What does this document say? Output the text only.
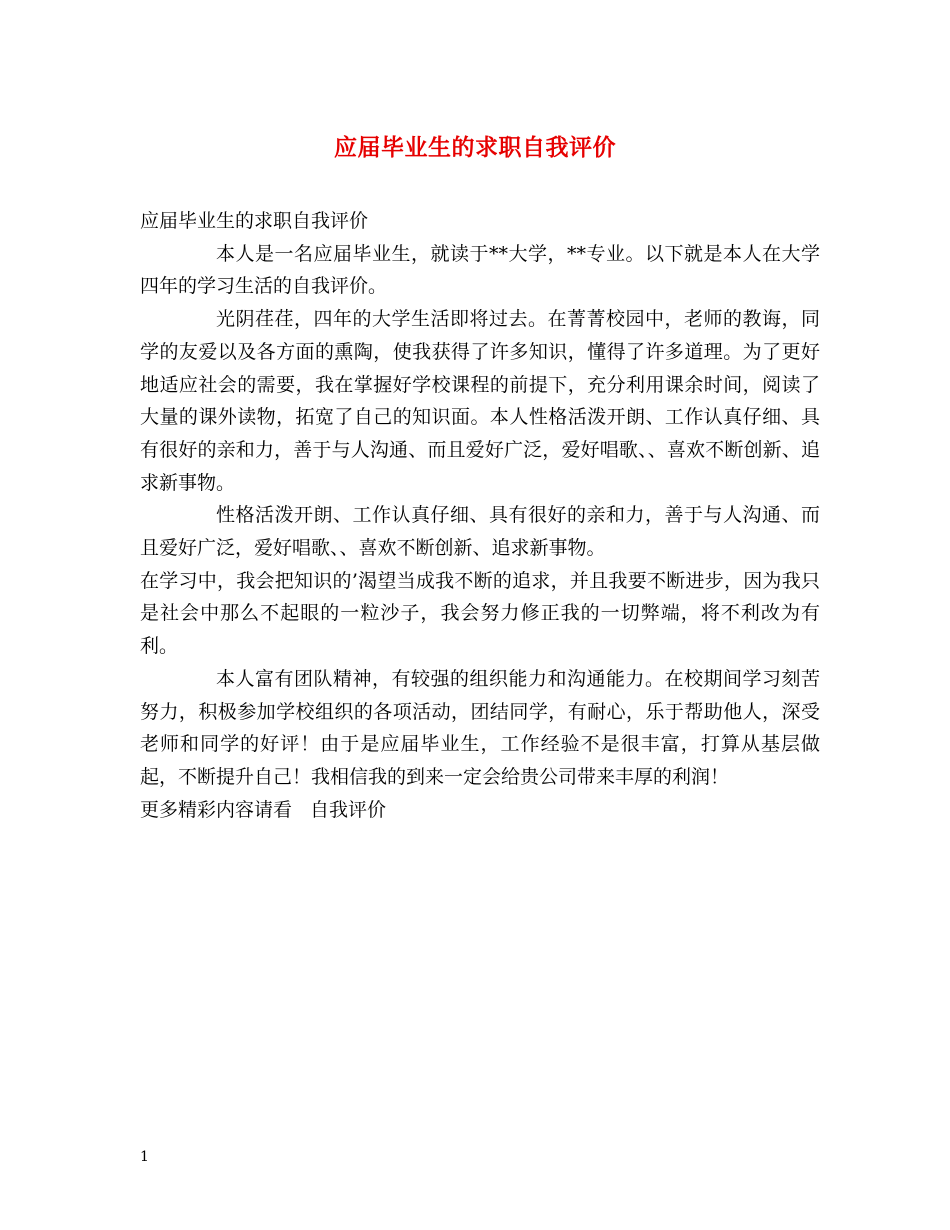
应届毕业生的求职自我评价

应届毕业生的求职自我评价

本人是一名应届毕业生，就读于**大学，**专业。以下就是本人在大学四年的学习生活的自我评价。

光阴荏荏，四年的大学生活即将过去。在菁菁校园中，老师的教诲，同学的友爱以及各方面的熏陶，使我获得了许多知识，懂得了许多道理。为了更好地适应社会的需要，我在掌握好学校课程的前提下，充分利用课余时间，阅读了大量的课外读物，拓宽了自己的知识面。本人性格活泼开朗、工作认真仔细、具有很好的亲和力，善于与人沟通、而且爱好广泛，爱好唱歌、、喜欢不断创新、追求新事物。

性格活泼开朗、工作认真仔细、具有很好的亲和力，善于与人沟通、而且爱好广泛，爱好唱歌、、喜欢不断创新、追求新事物。

在学习中，我会把知识的’渴望当成我不断的追求，并且我要不断进步，因为我只是社会中那么不起眼的一粒沙子，我会努力修正我的一切弊端，将不利改为有利。

本人富有团队精神，有较强的组织能力和沟通能力。在校期间学习刻苦努力，积极参加学校组织的各项活动，团结同学，有耐心，乐于帮助他人，深受老师和同学的好评！由于是应届毕业生，工作经验不是很丰富，打算从基层做起，不断提升自己！我相信我的到来一定会给贵公司带来丰厚的利润！

更多精彩内容请看 自我评价

1
